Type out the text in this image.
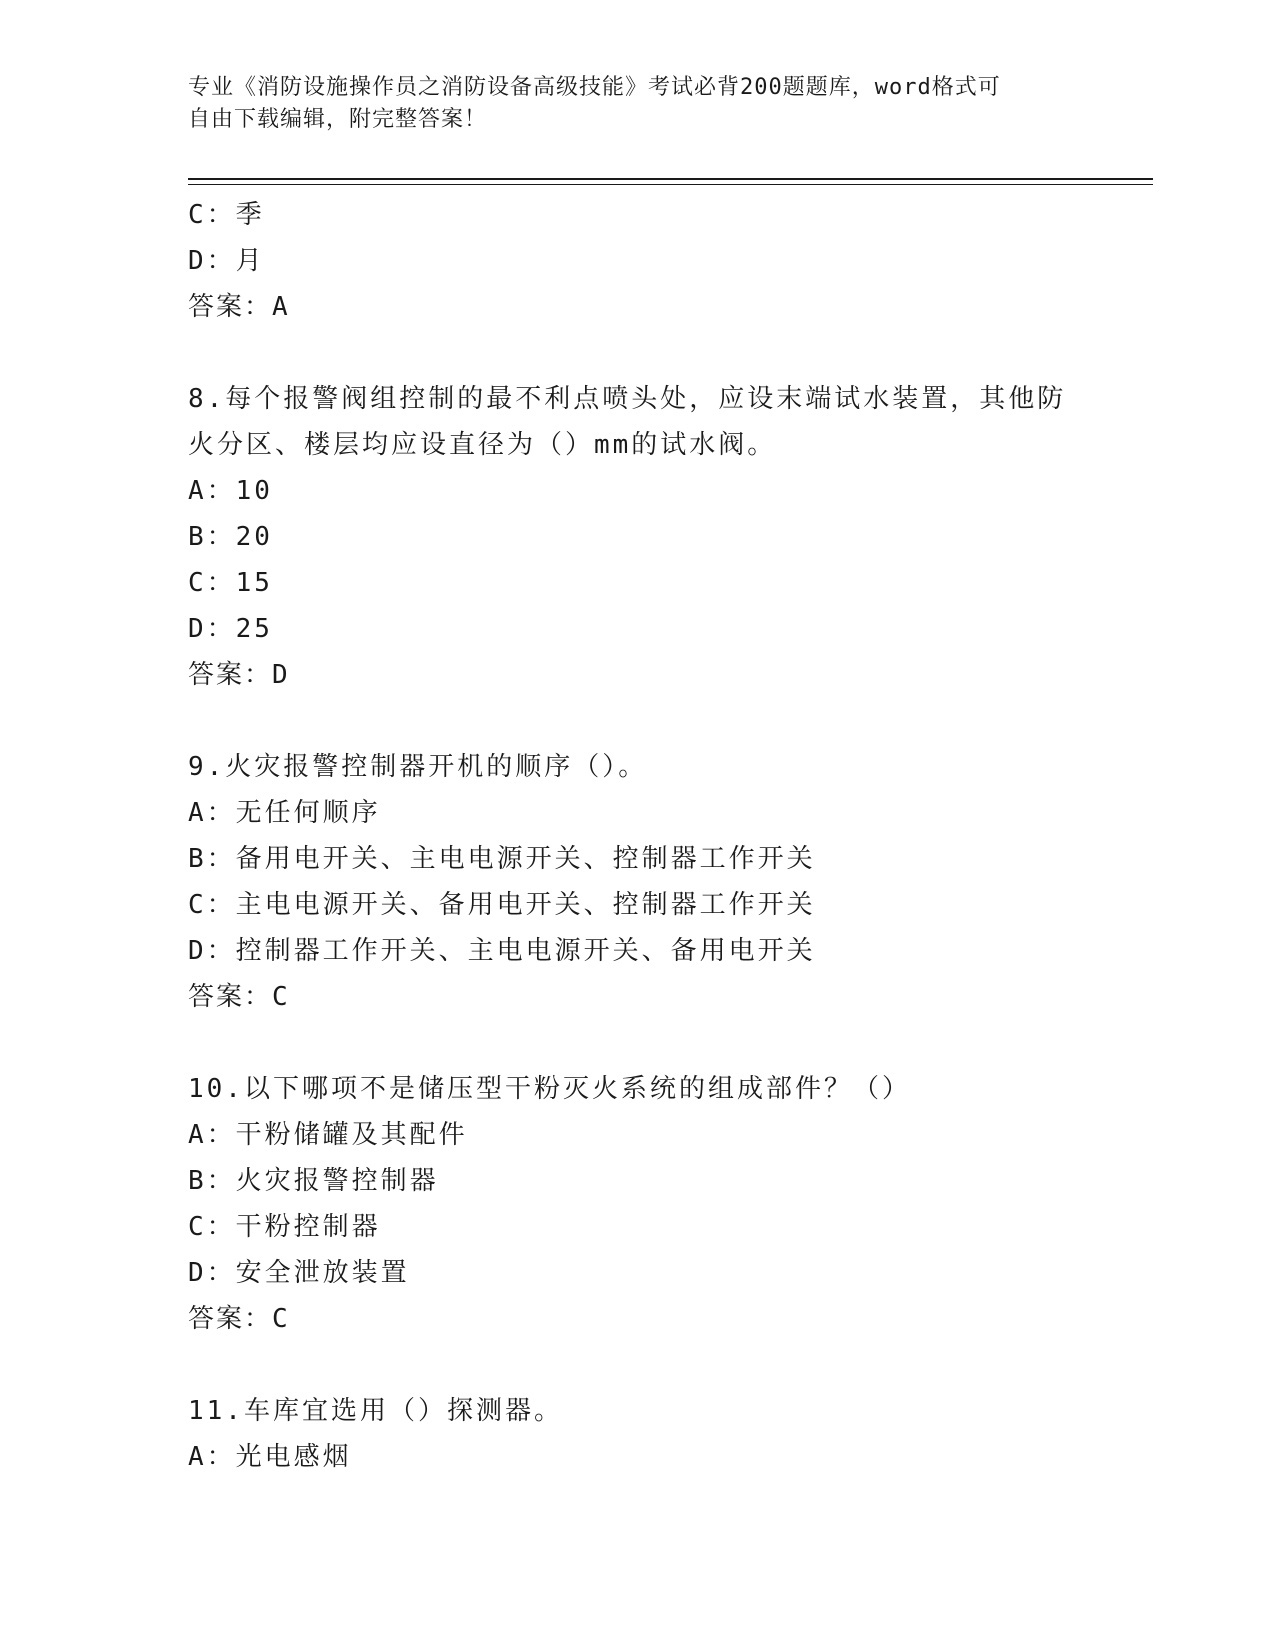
专业《消防设施操作员之消防设备高级技能》考试必背200题题库，word格式可
自由下载编辑，附完整答案！
C：季
D：月
答案：A
8.每个报警阀组控制的最不利点喷头处，应设末端试水装置，其他防
火分区、楼层均应设直径为（）mm的试水阀。
A：10
B：20
C：15
D：25
答案：D
9.火灾报警控制器开机的顺序（）。
A：无任何顺序
B：备用电开关、主电电源开关、控制器工作开关
C：主电电源开关、备用电开关、控制器工作开关
D：控制器工作开关、主电电源开关、备用电开关
答案：C
10.以下哪项不是储压型干粉灭火系统的组成部件？（）
A：干粉储罐及其配件
B：火灾报警控制器
C：干粉控制器
D：安全泄放装置
答案：C
11.车库宜选用（）探测器。
A：光电感烟
